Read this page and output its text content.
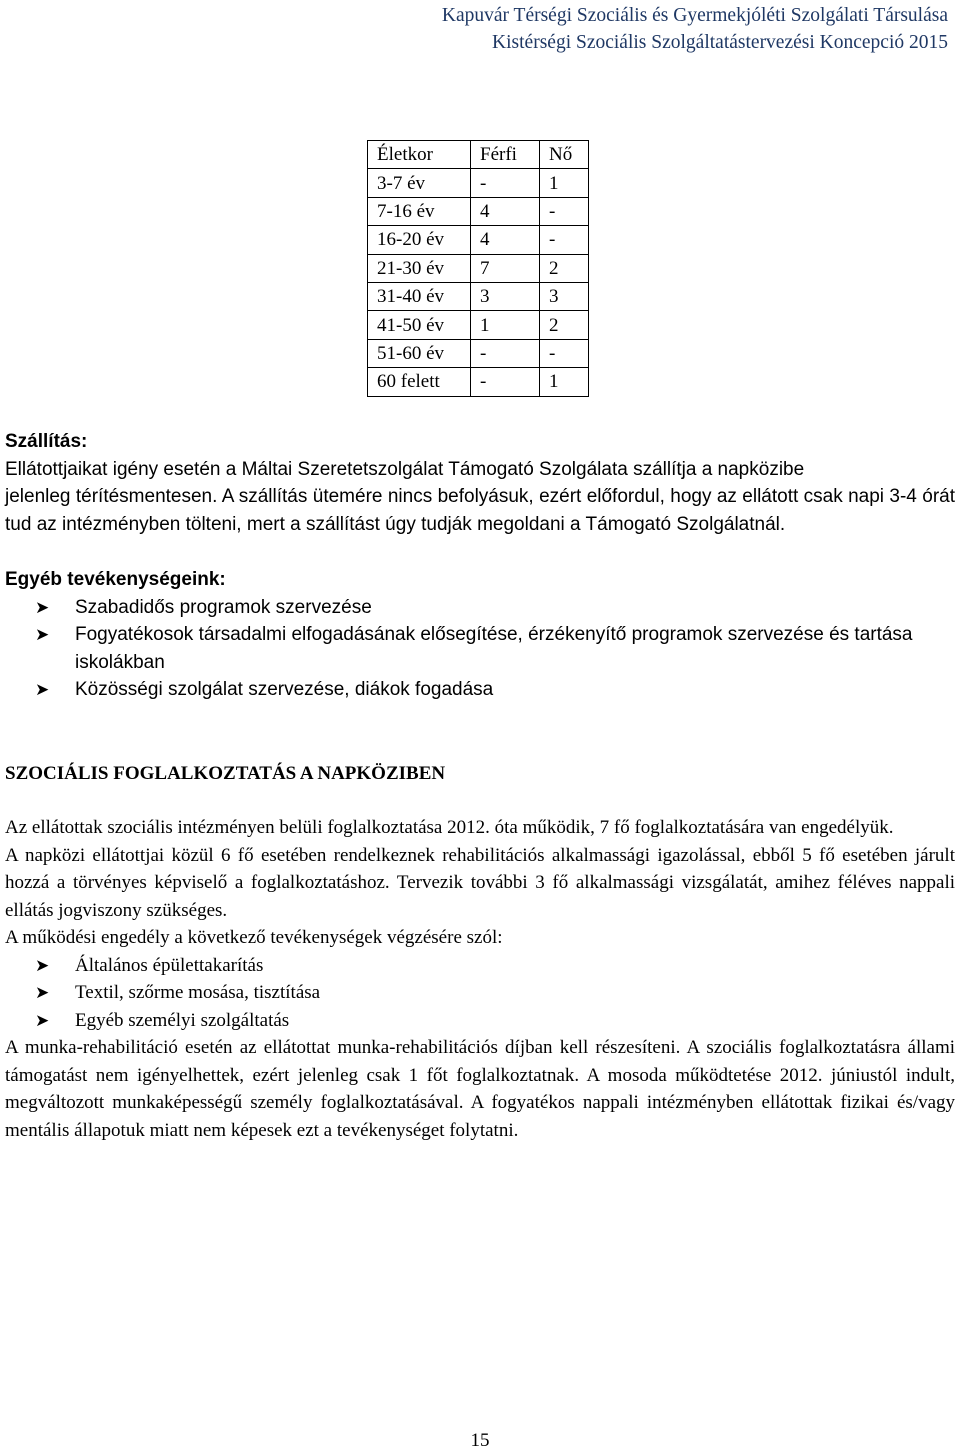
Kapuvár Térségi Szociális és Gyermekjóléti Szolgálati Társulása
Kistérségi Szociális Szolgáltatástervezési Koncepció 2015
Életkor	Férfi	Nő
3-7 év	-	1
7-16 év	4	-
16-20 év	4	-
21-30 év	7	2
31-40 év	3	3
41-50 év	1	2
51-60 év	-	-
60 felett	-	1
Szállítás:
Ellátottjaikat igény esetén a Máltai Szeretetszolgálat Támogató Szolgálata szállítja a napközibe
jelenleg térítésmentesen. A szállítás ütemére nincs befolyásuk, ezért előfordul, hogy az ellátott csak napi 3-4 órát tud az intézményben tölteni, mert a szállítást úgy tudják megoldani a Támogató Szolgálatnál.
Egyéb tevékenységeink:
➤ Szabadidős programok szervezése
➤ Fogyatékosok társadalmi elfogadásának elősegítése, érzékenyítő programok szervezése és tartása iskolákban
➤ Közösségi szolgálat szervezése, diákok fogadása
SZOCIÁLIS FOGLALKOZTATÁS A NAPKÖZIBEN
Az ellátottak szociális intézményen belüli foglalkoztatása 2012. óta működik, 7 fő foglalkoztatására van engedélyük.
A napközi ellátottjai közül 6 fő esetében rendelkeznek rehabilitációs alkalmassági igazolással, ebből 5 fő esetében járult hozzá a törvényes képviselő a foglalkoztatáshoz. Tervezik további 3 fő alkalmassági vizsgálatát, amihez féléves nappali ellátás jogviszony szükséges.
A működési engedély a következő tevékenységek végzésére szól:
➤ Általános épülettakarítás
➤ Textil, szőrme mosása, tisztítása
➤ Egyéb személyi szolgáltatás
A munka-rehabilitáció esetén az ellátottat munka-rehabilitációs díjban kell részesíteni. A szociális foglalkoztatásra állami támogatást nem igényelhettek, ezért jelenleg csak 1 főt foglalkoztatnak. A mosoda működtetése 2012. júniustól indult, megváltozott munkaképességű személy foglalkoztatásával. A fogyatékos nappali intézményben ellátottak fizikai és/vagy mentális állapotuk miatt nem képesek ezt a tevékenységet folytatni.
15
